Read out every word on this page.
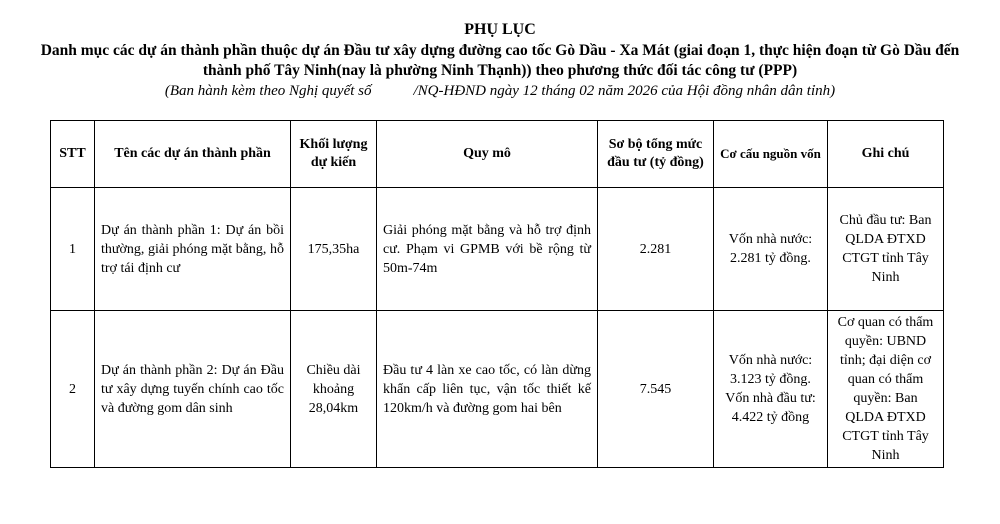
PHỤ LỤC
Danh mục các dự án thành phần thuộc dự án Đầu tư xây dựng đường cao tốc Gò Dầu - Xa Mát (giai đoạn 1, thực hiện đoạn từ Gò Dầu đến thành phố Tây Ninh(nay là phường Ninh Thạnh)) theo phương thức đối tác công tư (PPP)
(Ban hành kèm theo Nghị quyết số	/NQ-HĐND ngày 12 tháng 02 năm 2026 của Hội đồng nhân dân tỉnh)
STT	Tên các dự án thành phần	Khối lượng dự kiến	Quy mô	Sơ bộ tổng mức đầu tư (tỷ đồng)	Cơ cấu nguồn vốn	Ghi chú
1	Dự án thành phần 1: Dự án bồi thường, giải phóng mặt bằng, hỗ trợ tái định cư	175,35ha	Giải phóng mặt bằng và hỗ trợ định cư. Phạm vi GPMB với bề rộng từ 50m-74m	2.281	Vốn nhà nước: 2.281 tỷ đồng.	Chủ đầu tư: Ban QLDA ĐTXD CTGT tỉnh Tây Ninh
2	Dự án thành phần 2: Dự án Đầu tư xây dựng tuyến chính cao tốc và đường gom dân sinh	Chiều dài khoảng 28,04km	Đầu tư 4 làn xe cao tốc, có làn dừng khẩn cấp liên tục, vận tốc thiết kế 120km/h và đường gom hai bên	7.545	Vốn nhà nước: 3.123 tỷ đồng. Vốn nhà đầu tư: 4.422 tỷ đồng	Cơ quan có thẩm quyền: UBND tỉnh; đại diện cơ quan có thẩm quyền: Ban QLDA ĐTXD CTGT tỉnh Tây Ninh
